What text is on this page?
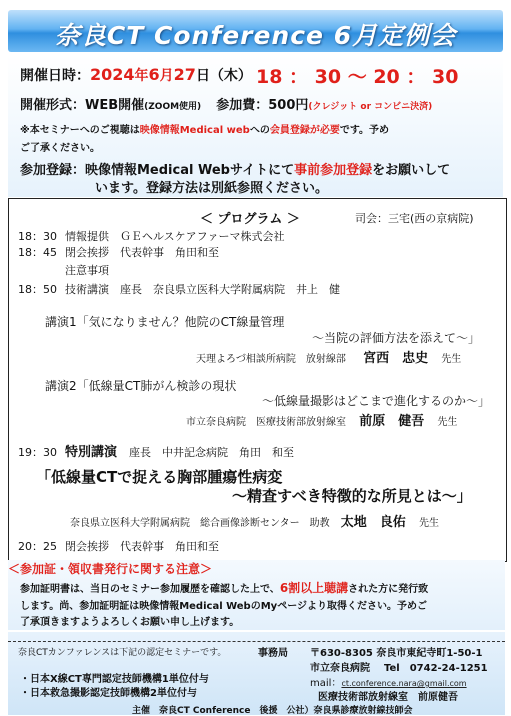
奈良CT Conference 6月定例会
開催日時：2024年6月27日（木） 18 ： 30 〜 20 ： 30
開催形式：WEB開催(ZOOM使用) 参加費：500円(クレジット or コンビニ決済)
※本セミナーへのご視聴は映像情報Medical webへの会員登録が必要です。予め
ご了承ください。
参加登録：映像情報Medical Webサイトにて事前参加登録をお願いして
います。登録方法は別紙参照ください。
＜ プログラム ＞	司会：三宅(西の京病院)
18：30 情報提供　ＧＥヘルスケアファーマ株式会社
18：45 閉会挨拶　代表幹事　角田和至
注意事項
18：50 技術講演　座長　奈良県立医科大学附属病院　井上　健
講演1「気になりません？他院のCT線量管理
〜当院の評価方法を添えて〜」
天理よろづ相談所病院　放射線部 宮西　忠史 先生
講演2「低線量CT肺がん検診の現状
〜低線量撮影はどこまで進化するのか〜」
市立奈良病院　医療技術部放射線室 前原　健吾 先生
19：30 特別講演 座長　中井記念病院　角田　和至
「低線量CTで捉える胸部腫瘍性病変
〜精査すべき特徴的な所見とは〜」
奈良県立医科大学附属病院　総合画像診断センター　助教 太地　良佑 先生
20：25 閉会挨拶　代表幹事　角田和至
＜参加証・領収書発行に関する注意＞
参加証明書は、当日のセミナー参加履歴を確認した上で、6割以上聴講された方に発行致
します。尚、参加証明証は映像情報Medical WebのMyページより取得ください。予めご
了承頂きますようよろしくお願い申し上げます。
奈良CTカンファレンスは下記の認定セミナーです。	事務局 〒630-8305 奈良市東紀寺町1-50-1
市立奈良病院 Tel　0742-24-1251
mail：ct.conference.nara@gmail.com
医療技術部放射線室　前原健吾
・日本X線CT専門認定技師機構1単位付与
・日本救急撮影認定技師機構2単位付与
主催　奈良CT Conference　後援　公社）奈良県診療放射線技師会
